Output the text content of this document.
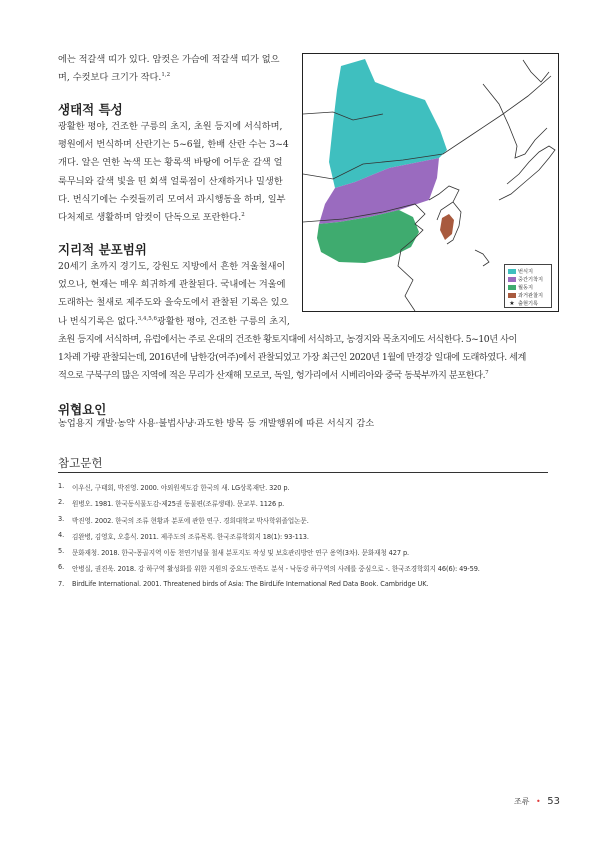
에는 적갈색 띠가 있다. 암컷은 가슴에 적갈색 띠가 없으

며, 수컷보다 크기가 작다.$^{1,2}$

생태적 특성

광활한 평야, 건조한 구릉의 초지, 초원 등지에 서식하며,

평원에서 번식하며 산란기는 5~6월, 한배 산란 수는 3~4

개다. 알은 연한 녹색 또는 황록색 바탕에 어두운 갈색 얼

룩무늬와 갈색 빛을 띤 회색 얼룩점이 산재하거나 밀생한

다. 번식기에는 수컷들끼리 모여서 과시행동을 하며, 일부

다처제로 생활하며 암컷이 단독으로 포란한다.$^2$

지리적 분포범위

20세기 초까지 경기도, 강원도 지방에서 흔한 겨울철새이

었으나, 현재는 매우 희귀하게 관찰된다. 국내에는 겨울에

도래하는 철새로 제주도와 을숙도에서 관찰된 기록은 있으

나 번식기록은 없다.$^{3,4,5,6}$광활한 평야, 건조한 구릉의 초지,

초원 등지에 서식하며, 유럽에서는 주로 온대의 건조한 황토지대에 서식하고, 농경지와 목초지에도 서식한다. 5~10년 사이

1차례 가량 관찰되는데, 2016년에 남한강(여주)에서 관찰되었고 가장 최근인 2020년 1월에 만경강 일대에 도래하였다. 세계

적으로 구북구의 많은 지역에 적은 무리가 산재해 모로코, 독일, 헝가리에서 시베리아와 중국 동북부까지 분포한다.$^7$

위협요인

농업용지 개발·농약 사용·불법사냥·과도한 방목 등 개발행위에 따른 서식지 감소

참고문헌
1.	이우신, 구태회, 박진영. 2000. 야외원색도감 한국의 새. LG상록재단. 320 p.
2.	원병오. 1981. 한국동식물도감-제25권 동물편(조류생태). 문교부. 1126 p.
3.	박진영. 2002. 한국의 조류 현황과 분포에 관한 연구. 경희대학교 박사학위졸업논문.
4.	김완병, 김영호, 오홍식. 2011. 제주도의 조류목록. 한국조류학회지 18(1): 93-113.
5.	문화재청. 2018. 한국-몽골지역 이동 천연기념물 철새 분포지도 작성 및 보호관리방안 연구 용역(3차). 문화재청 427 p.
6.	안병실, 권진욱. 2018. 강 하구역 활성화를 위한 지원의 중요도·만족도 분석 - 낙동강 하구역의 사례를 중심으로 -. 한국조경학회지 46(6): 49-59.
7.	BirdLife International. 2001. Threatened birds of Asia: The BirdLife International Red Data Book. Cambridge UK.
번식지
중간기착지
월동지
과거관찰지
★ 출현기록
조류 • 53
